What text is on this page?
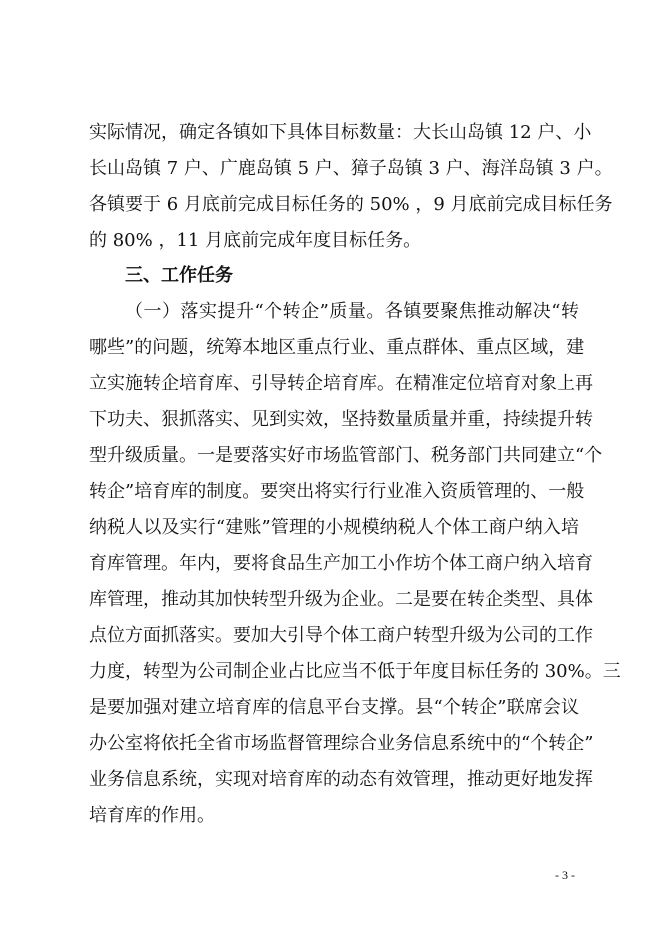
实际情况，确定各镇如下具体目标数量：大长山岛镇 12 户、小
长山岛镇 7 户、广鹿岛镇 5 户、獐子岛镇 3 户、海洋岛镇 3 户。
各镇要于 6 月底前完成目标任务的 50% ，9 月底前完成目标任务
的 80% ，11 月底前完成年度目标任务。
三、工作任务
（一）落实提升“个转企”质量。各镇要聚焦推动解决“转
哪些”的问题，统筹本地区重点行业、重点群体、重点区域，建
立实施转企培育库、引导转企培育库。在精准定位培育对象上再
下功夫、狠抓落实、见到实效，坚持数量质量并重，持续提升转
型升级质量。一是要落实好市场监管部门、税务部门共同建立“个
转企”培育库的制度。要突出将实行行业准入资质管理的、一般
纳税人以及实行“建账”管理的小规模纳税人个体工商户纳入培
育库管理。年内，要将食品生产加工小作坊个体工商户纳入培育
库管理，推动其加快转型升级为企业。二是要在转企类型、具体
点位方面抓落实。要加大引导个体工商户转型升级为公司的工作
力度，转型为公司制企业占比应当不低于年度目标任务的 30%。三
是要加强对建立培育库的信息平台支撑。县“个转企”联席会议
办公室将依托全省市场监督管理综合业务信息系统中的“个转企”
业务信息系统，实现对培育库的动态有效管理，推动更好地发挥
培育库的作用。
- 3 -
